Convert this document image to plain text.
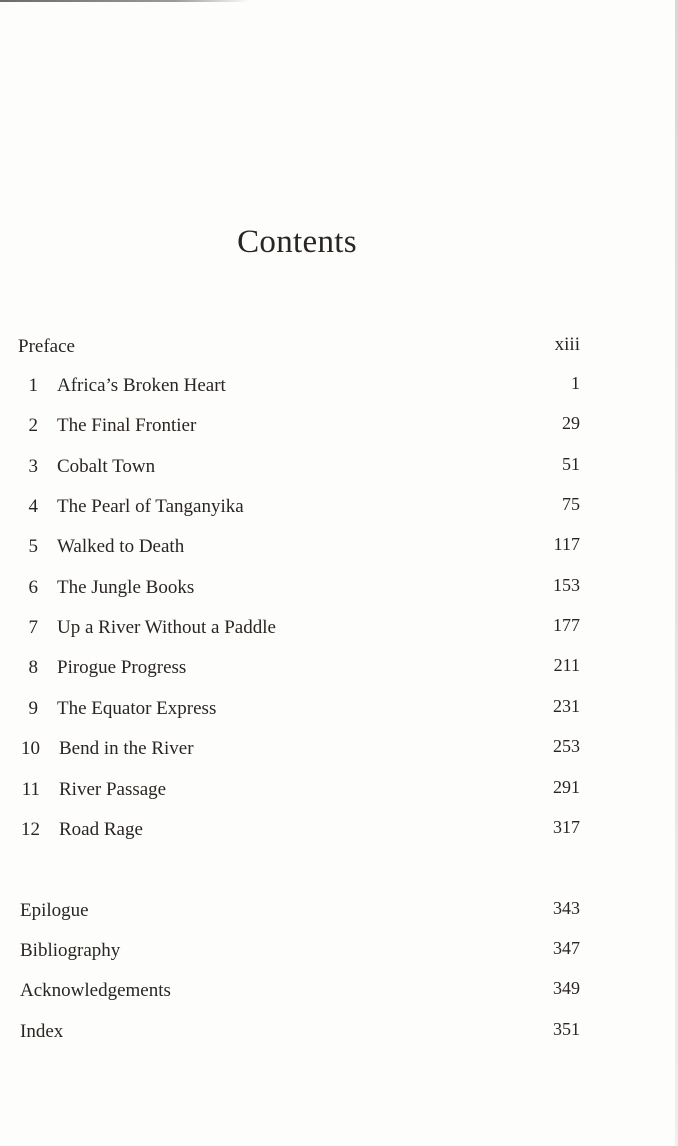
Contents
Preface	xiii
1 Africa’s Broken Heart	1
2 The Final Frontier	29
3 Cobalt Town	51
4 The Pearl of Tanganyika	75
5 Walked to Death	117
6 The Jungle Books	153
7 Up a River Without a Paddle	177
8 Pirogue Progress	211
9 The Equator Express	231
10 Bend in the River	253
11 River Passage	291
12 Road Rage	317
Epilogue	343
Bibliography	347
Acknowledgements	349
Index	351
